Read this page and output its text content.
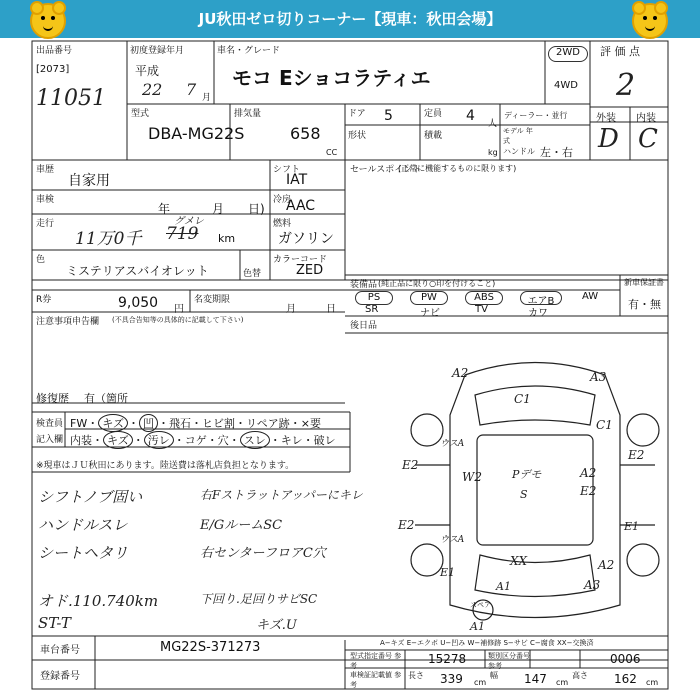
JU秋田ゼロ切りコーナー【現車：秋田会場】
出品番号
[2073]
11051
初度登録年月
平成
22 7 月
車名・グレード
モコ Eショコラティエ
2WD
4WD
評 価 点
2
外装 内装
D C
型式
DBA-MG22S
排気量
658
CC
ドア 5	定員 4 人
ディーラー・並行
形状	積載
kg
モデル 年式
ハンドル 左・右
車歴
自家用
車検
年	月 日)
走行
11万0千 719
グメレ
km
シフト
IAT
冷房
AAC
燃料
ガソリン
色
ミステリアスバイオレット	色替
カラーコード
ZED
R券	9,050 円
名変期限
月	日
注意事項申告欄 (不具合告知等の具体的に記載して下さい)
修復歴 有（箇所
検査員
記入欄
FW・ キズ ・ 凹 ・飛石・ヒビ割・リペア跡・×要
内装・ キズ ・ 汚レ ・コゲ・穴・ スレ ・キレ・破レ
※現車はＪＵ秋田にあります。陸送費は落札店負担となります。
シフトノブ固い
ハンドルスレ
シートヘタリ
オド.110.740km
ST-T
右Fストラットアッパーにキレ
E/GルームSC
右センターフロアC穴
下回り.足回りサビSC
キズ.U
車台番号	MG22S-371273
登録番号
セールスポイント
(正常に機能するものに限ります)
装備品 (純正品に限り○印を付けること)
PS	PW	ABS	エアB	AW
SR	ナビ	TV	カワ
新車保証書
有・無
後日品
スペア
A2	A3
C1
E2
E2
C1
ウスA
W2	Pデモ
S
A2
E2
E2
ウスA
XX	A2
A3
A1
A1
E1
E1
A−キズ E−エクボ U−凹み W−補修跡 S−サビ C−腐食 XX−交換済
型式指定番号 参考	15278	類別区分番号 参考	0006
車検証記載値 参考
長さ 339 cm
幅 147 cm
高さ 162 cm
